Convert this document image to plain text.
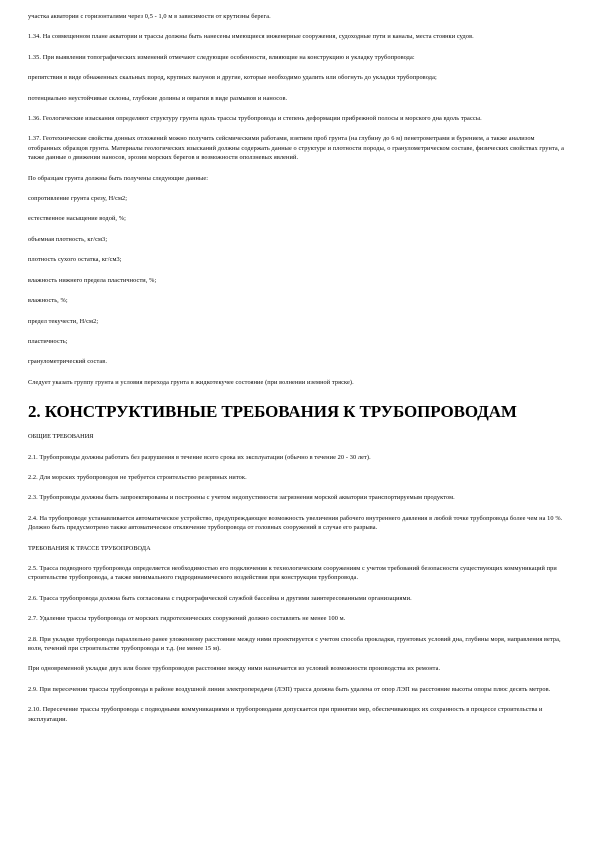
участка акватории с горизонталями через 0,5 - 1,0 м в зависимости от крутизны берега.

1.34. На совмещенном плане акватории и трассы должны быть нанесены имеющиеся инженерные сооружения, судоходные пути и каналы, места стоянки судов.

1.35. При выявлении топографических изменений отмечают следующие особенности, влияющие на конструкцию и укладку трубопровода:

препятствия в виде обнаженных скальных пород, крупных валунов и другие, которые необходимо удалить или обогнуть до укладки трубопровода;

потенциально неустойчивые склоны, глубокие долины и оврагии в виде размывов и наносов.

1.36. Геологические изыскания определяют структуру грунта вдоль трассы трубопровода и степень деформации прибрежной полосы и морского дна вдоль трассы.

1.37. Геотехнические свойства донных отложений можно получить сейсмическими работами, взятием проб грунта (на глубину до 6 м) пенетрометрами и бурением, а также анализом отобранных образцов грунта. Материалы геологических изысканий должны содержать данные о структуре и плотности породы, о гранулометрическом составе, физических свойствах грунта, а также данные о движении наносов, эрозии морских берегов и возможности оползневых явлений.

По образцам грунта должны быть получены следующие данные:

сопротивление грунта срезу, Н/см2;

естественное насыщение водой, %;

объемная плотность, кг/см3;

плотность сухого остатка, кг/см3;

влажность нижнего предела пластичности, %;

влажность, %;

предел текучести, Н/см2;

пластичность;

гранулометрический состав.

Следует указать группу грунта и условия перехода грунта в жидкотекучее состояние (при волнении иземной тряске).

2. КОНСТРУКТИВНЫЕ ТРЕБОВАНИЯ К ТРУБОПРОВОДАМ

ОБЩИЕ ТРЕБОВАНИЯ

2.1. Трубопроводы должны работать без разрушения в течение всего срока их эксплуатации (обычно в течение 20 - 30 лет).

2.2. Для морских трубопроводов не требуется строительство резервных ниток.

2.3. Трубопроводы должны быть запроектированы и построены с учетом недопустимости загрязнения морской акватории транспортируемым продуктом.

2.4. На трубопроводе устанавливается автоматическое устройство, предупреждающее возможность увеличения рабочего внутреннего давления в любой точке трубопровода более чем на 10 %. Должно быть предусмотрено также автоматическое отключение трубопровода от головных сооружений в случае его разрыва.

ТРЕБОВАНИЯ К ТРАССЕ ТРУБОПРОВОДА

2.5. Трасса подводного трубопровода определяется необходимостью его подключения к технологическим сооружениям с учетом требований безопасности существующих коммуникаций при строительстве трубопровода, а также минимального гидродинамического воздействия при конструкции трубопровода.

2.6. Трасса трубопровода должна быть согласована с гидрографической службой бассейна и другими заинтересованными организациями.

2.7. Удаление трассы трубопровода от морских гидротехнических сооружений должно составлять не менее 100 м.

2.8. При укладке трубопровода параллельно ранее уложенному расстояние между ними проектируется с учетом способа прокладки, грунтовых условий дна, глубины моря, направления ветра, волн, течений при строительстве трубопровода и т.д. (не менее 15 м).

При одновременной укладке двух или более трубопроводов расстояние между ними назначается из условий возможности производства их ремонта.

2.9. При пересечении трассы трубопровода в районе воздушной линии электропередачи (ЛЭП) трасса должна быть удалена от опор ЛЭП на расстояние высоты опоры плюс десять метров.

2.10. Пересечение трассы трубопровода с подводными коммуникациями и трубопроводами допускается при принятии мер, обеспечивающих их сохранность в процессе строительства и эксплуатации.
